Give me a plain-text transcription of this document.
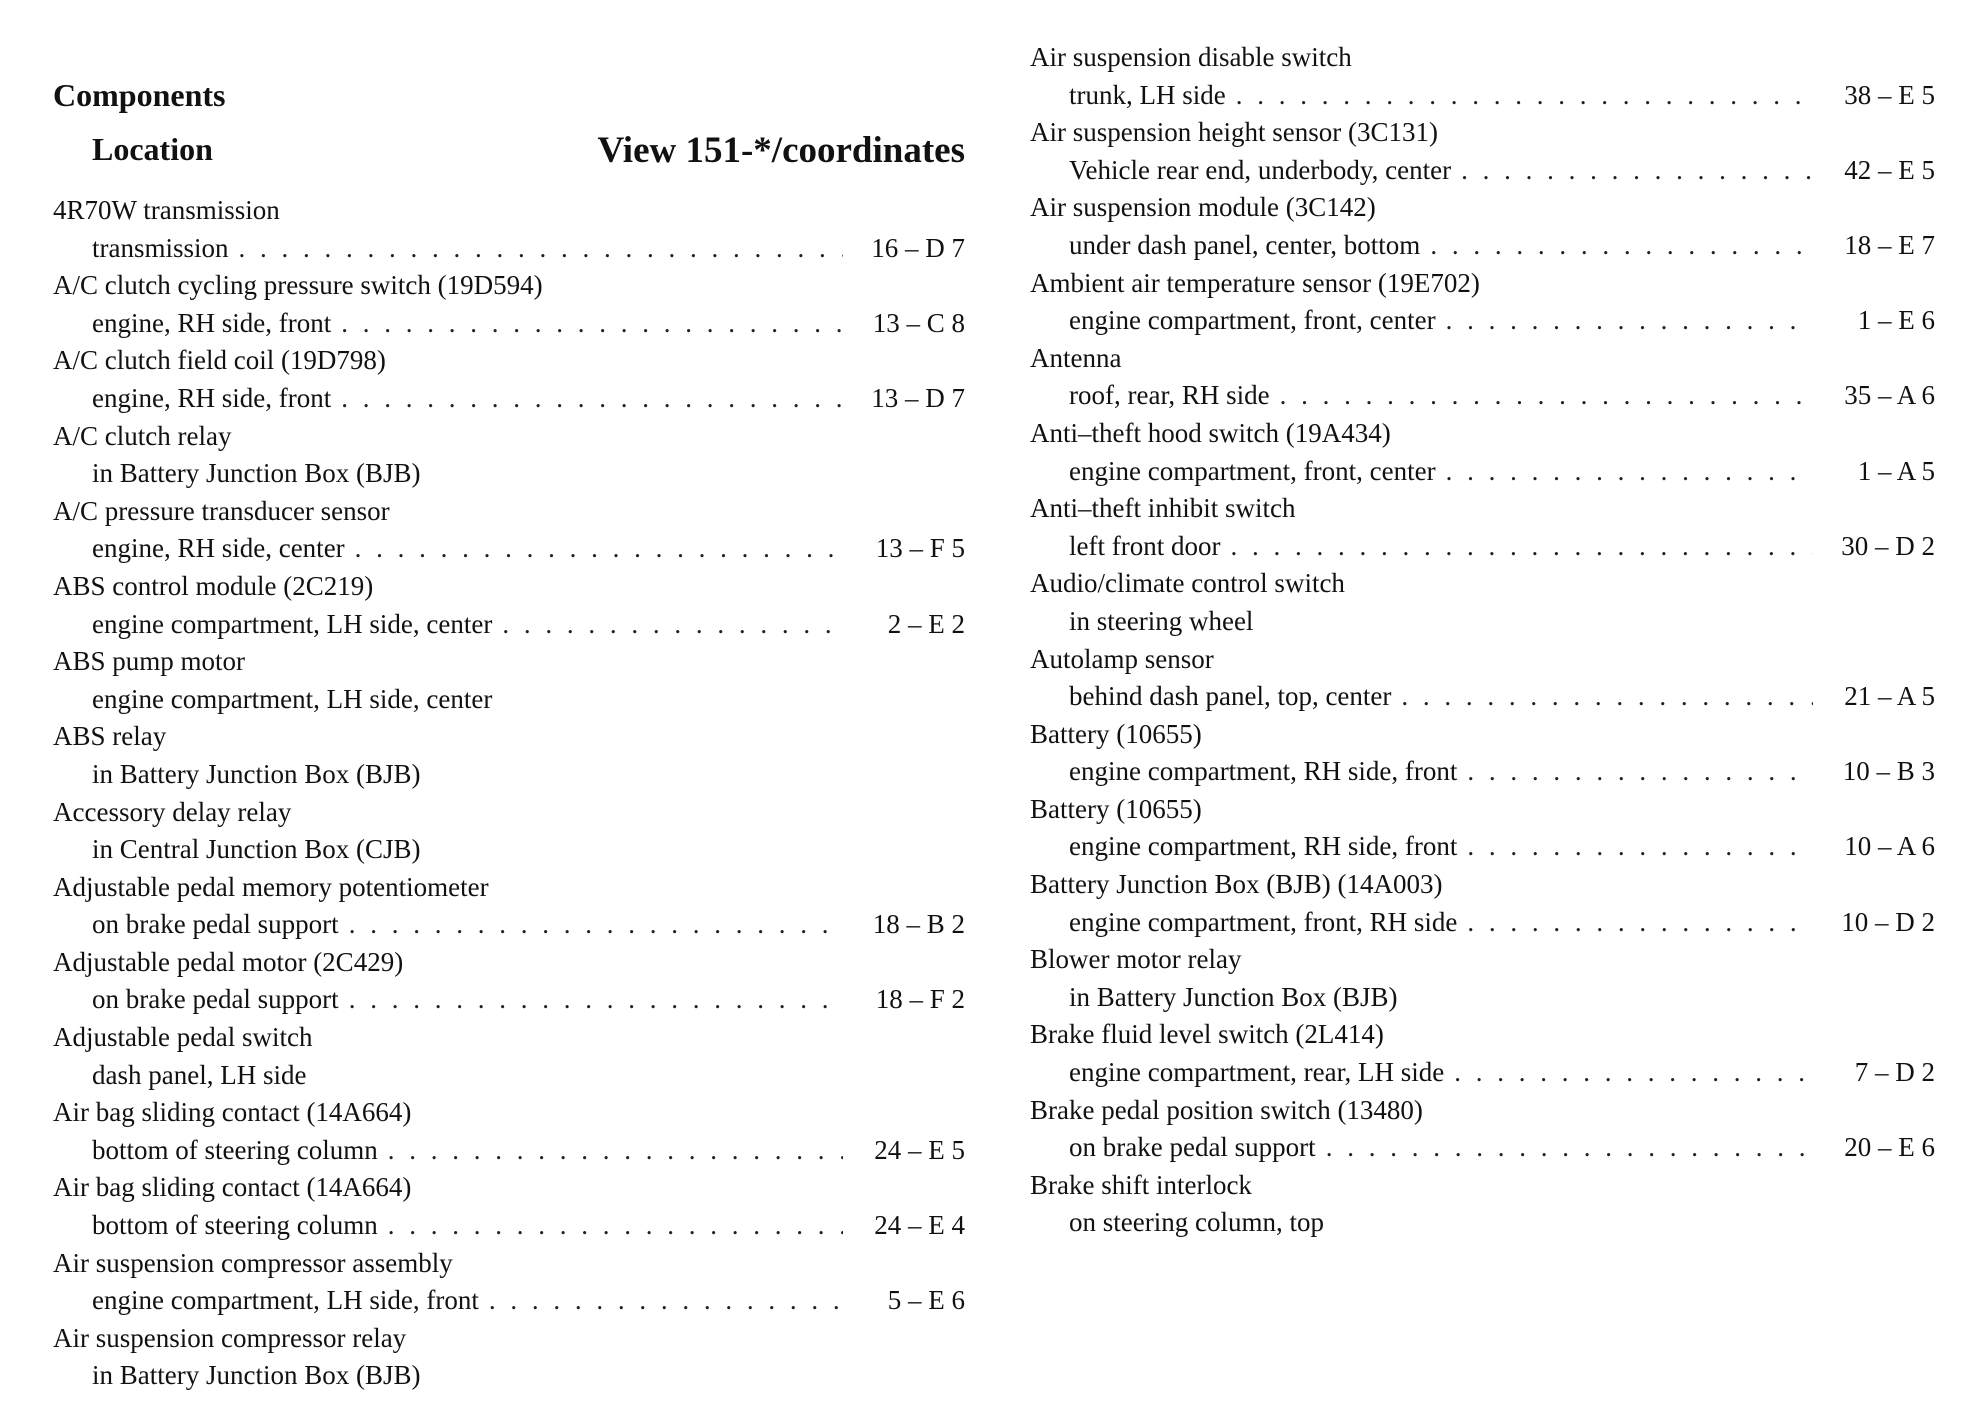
Components
Location	View 151-*/coordinates
4R70W transmission
transmission . . .	16 – D 7
A/C clutch cycling pressure switch (19D594)
engine, RH side, front . . .	13 – C 8
A/C clutch field coil (19D798)
engine, RH side, front . . .	13 – D 7
A/C clutch relay
in Battery Junction Box (BJB)
A/C pressure transducer sensor
engine, RH side, center . . .	13 – F 5
ABS control module (2C219)
engine compartment, LH side, center . . .	2 – E 2
ABS pump motor
engine compartment, LH side, center
ABS relay
in Battery Junction Box (BJB)
Accessory delay relay
in Central Junction Box (CJB)
Adjustable pedal memory potentiometer
on brake pedal support . . .	18 – B 2
Adjustable pedal motor (2C429)
on brake pedal support . . .	18 – F 2
Adjustable pedal switch
dash panel, LH side
Air bag sliding contact (14A664)
bottom of steering column . . .	24 – E 5
Air bag sliding contact (14A664)
bottom of steering column . . .	24 – E 4
Air suspension compressor assembly
engine compartment, LH side, front . . .	5 – E 6
Air suspension compressor relay
in Battery Junction Box (BJB)
Air suspension disable switch
trunk, LH side . . .	38 – E 5
Air suspension height sensor (3C131)
Vehicle rear end, underbody, center . . .	42 – E 5
Air suspension module (3C142)
under dash panel, center, bottom . . .	18 – E 7
Ambient air temperature sensor (19E702)
engine compartment, front, center . . .	1 – E 6
Antenna
roof, rear, RH side . . .	35 – A 6
Anti–theft hood switch (19A434)
engine compartment, front, center . . .	1 – A 5
Anti–theft inhibit switch
left front door . . .	30 – D 2
Audio/climate control switch
in steering wheel
Autolamp sensor
behind dash panel, top, center . . .	21 – A 5
Battery (10655)
engine compartment, RH side, front . . .	10 – B 3
Battery (10655)
engine compartment, RH side, front . . .	10 – A 6
Battery Junction Box (BJB) (14A003)
engine compartment, front, RH side . . .	10 – D 2
Blower motor relay
in Battery Junction Box (BJB)
Brake fluid level switch (2L414)
engine compartment, rear, LH side . . .	7 – D 2
Brake pedal position switch (13480)
on brake pedal support . . .	20 – E 6
Brake shift interlock
on steering column, top
